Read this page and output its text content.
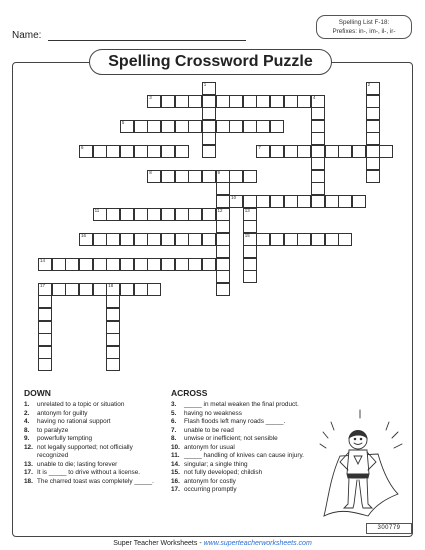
Name:
Spelling List F-18:
Prefixes: in-, im-, il-, ir-
Spelling Crossword Puzzle
3
5
6	7
8	9
10
11
16	15
14
17	18
1	2
4
12	13
DOWN
1.	unrelated to a topic or situation
2.	antonym for guilty
4.	having no rational support
8.	to paralyze
9.	powerfully tempting
12. not legally supported; not officially recognized
13. unable to die; lasting forever
17. It is _____ to drive without a license.
18. The charred toast was completely _____.
ACROSS
3.	_____ in metal weaken the final product.
5.	having no weakness
6.	Flash floods left many roads _____.
7.	unable to be read
8.	unwise or inefficient; not sensible
10. antonym for usual
11. _____ handling of knives can cause injury.
14. singular; a single thing
15. not fully developed; childish
16. antonym for costly
17. occurring promptly
300779
Super Teacher Worksheets - www.superteacherworksheets.com
